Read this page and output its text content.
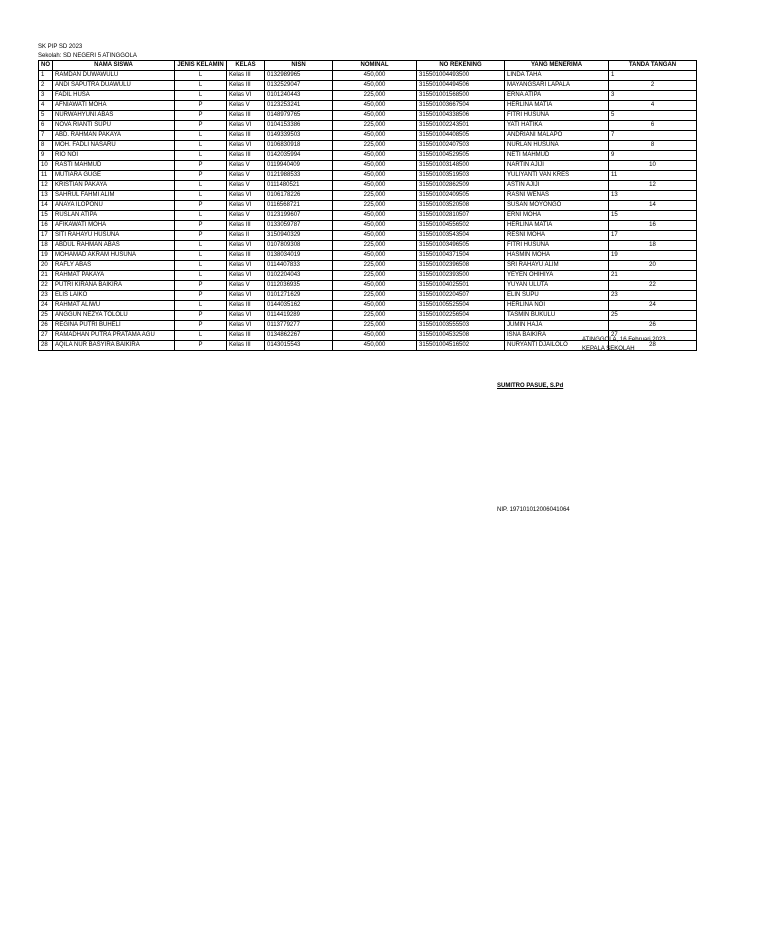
SK PIP SD 2023
Sekolah: SD NEGERI 5 ATINGGOLA
NO	NAMA SISWA	JENIS KELAMIN	KELAS	NISN	NOMINAL	NO REKENING	YANG MENERIMA	TANDA TANGAN
1	RAMDAN DUWAWULU	L	Kelas III	0132989965	450,000	315501004493500	LINDA TAHA	1
2	ANDI SAPUTRA DUAWULU	L	Kelas III	0132529047	450,000	315501004494506	MAYANGSARI LAPALA	2
3	FADIL HUSA	L	Kelas VI	0101240443	225,000	315501001568500	ERNA ATIPA	3
4	AFNIAWATI MOHA	P	Kelas V	0123253241	450,000	315501003667504	HERLINA MATIA	4
5	NURWAHYUNI ABAS	P	Kelas III	0148979765	450,000	315501004338506	FITRI HUSUNA	5
6	NOVA RIANTI SUPU	P	Kelas VI	0104153386	225,000	315501002243501	YATI HATIKA	6
7	ABD. RAHMAN PAKAYA	L	Kelas III	0149339503	450,000	315501004408505	ANDRIANI MALAPO	7
8	MOH. FADLI NASARU	L	Kelas VI	0106830918	225,000	315501002407503	NURLAN HUSUNA	8
9	RIO NOI	L	Kelas III	0142035994	450,000	315501004529505	NETI MAHMUD	9
10	RASTI MAHMUD	P	Kelas V	0119940409	450,000	315501003148500	NARTIN AJIJI	10
11	MUTIARA GUGE	P	Kelas V	0121988533	450,000	315501003519503	YULIYANTI VAN KRES	11
12	KRISTIAN PAKAYA	L	Kelas V	0111480521	450,000	315501002862509	ASTIN AJIJI	12
13	SAHRUL FAHMI ALIM	L	Kelas VI	0106178226	225,000	315501002409505	RASNI WENAS	13
14	ANAYA ILOPONU	P	Kelas VI	0116568721	225,000	315501003520508	SUSAN MOYONGO	14
15	RUSLAN ATIPA	L	Kelas V	0123199607	450,000	315501002810507	ERNI MOHA	15
16	AFIKAWATI MOHA	P	Kelas III	0133059787	450,000	315501004556502	HERLINA MATIA	16
17	SITI RAHAYU HUSUNA	P	Kelas II	3150940329	450,000	315501003543504	RESNI MOHA	17
18	ABDUL RAHMAN ABAS	L	Kelas VI	0107809308	225,000	315501003496505	FITRI HUSUNA	18
19	MOHAMAD AKRAM HUSUNA	L	Kelas III	0138034019	450,000	315501004371504	HASMIN MOHA	19
20	RAFLY ABAS	L	Kelas VI	0114407833	225,000	315501002396508	SRI RAHAYU ALIM	20
21	RAHMAT PAKAYA	L	Kelas VI	0102204043	225,000	315501002393500	YEYEN OHIHIYA	21
22	PUTRI KIRANA BAIKIRA	P	Kelas V	0112036935	450,000	315501004025501	YUYAN ULUTA	22
23	ELIS LAIKO	P	Kelas VI	0101271629	225,000	315501002204507	ELIN SUPU	23
24	RAHMAT ALIWU	L	Kelas III	0144035162	450,000	315501005525504	HERLINA NOI	24
25	ANGGUN NEZYA TOLOLU	P	Kelas VI	0114419289	225,000	315501002256504	TASMIN BUKULU	25
26	REGINA PUTRI BUHELI	P	Kelas VI	0113779277	225,000	315501003555503	JUMIN HAJA	26
27	RAMADHAN PUTRA PRATAMA AGU	L	Kelas III	0134862267	450,000	315501004532508	ISNA BAIKIRA	27
28	AQILA NUR BASYIRA BAIKIRA	P	Kelas III	0143015543	450,000	315501004516502	NURYANTI DJAILOLO	28
ATINGGOLA, 16 Februari 2023
KEPALA SEKOLAH
SUMITRO PASUE, S.Pd
NIP. 197101012006041064
